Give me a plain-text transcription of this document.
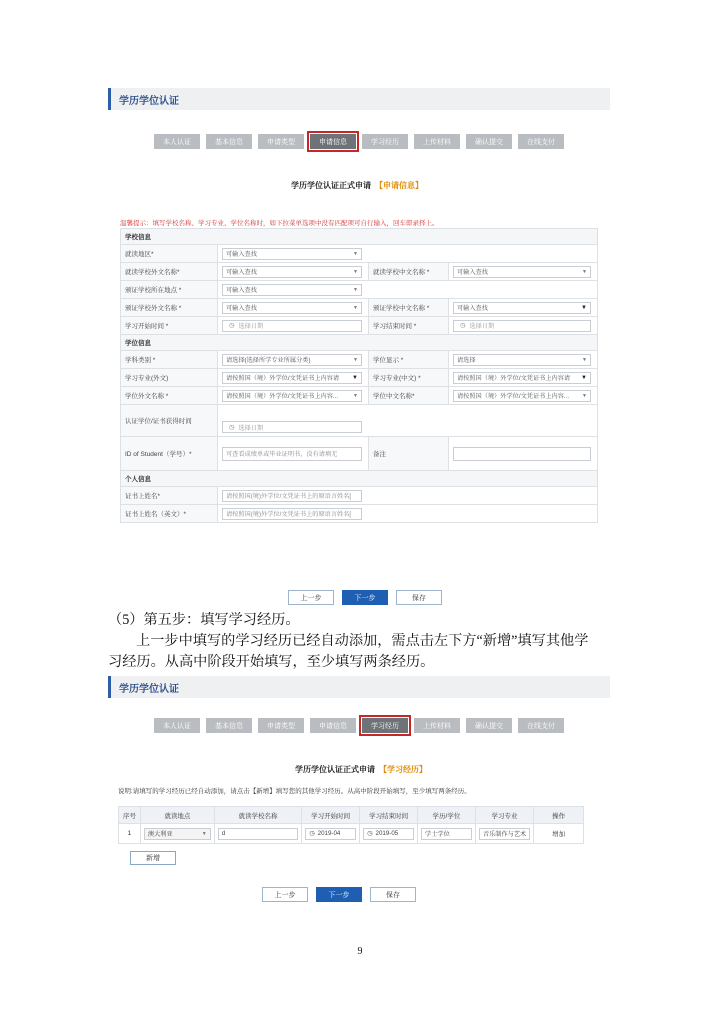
学历学位认证
本人认证	基本信息	申请类型	申请信息	学习经历	上传材料	确认提交	在线支付
学历学位认证正式申请 【申请信息】
温馨提示：填写学校名称、学习专业、学位名称时，如下拉菜单选项中没有匹配项可自行输入，回车即录择上。
学校信息			
就读地区*	可输入查找 ▼		

就读学校外文名称*	可输入查找 ▼	就读学校中文名称 *	可输入查找 ▼

颁证学校所在地点 *	可输入查找 ▼		

颁证学校外文名称 *	可输入查找 ▼	颁证学校中文名称 *	可输入查找 ▼

学习开始时间 *	◷ 选择日期	学习结束时间 *	◷ 选择日期

学位信息			
学科类别 *	请选择(选择所学专业所属分类) ▼	学位显示 *	请选择 ▼

学习专业(外文)	请按照国（境）外学位/文凭证书上内容请 ▼	学习专业(中文) *	请按照国（境）外学位/文凭证书上内容请 ▼

学位外文名称 *	请按照国（境）外学位/文凭证书上内容... ▼	学位中文名称*	请按照国（境）外学位/文凭证书上内容... ▼

认证学位/证书获得时间	◷ 选择日期		

ID of Student（学号）*	可查看成绩单或毕业证明书，没有请填无	备注	

个人信息			
证书上姓名*	请按照国(境)外学位/文凭证书上的原语言姓名[		

证书上姓名（英文）*	请按照国(境)外学位/文凭证书上的原语言姓名[		
上一步	下一步	保存
（5）第五步：填写学习经历。
上一步中填写的学习经历已经自动添加，需点击左下方“新增”填写其他学
习经历。从高中阶段开始填写，至少填写两条经历。
学历学位认证
本人认证	基本信息	申请类型	申请信息	学习经历	上传材料	确认提交	在线支付
学历学位认证正式申请 【学习经历】
说明:请填写的学习经历已经自动添加，请点击【新增】填写您的其他学习经历。从高中阶段开始填写，至少填写两条经历。
序号	就读地点	就读学校名称	学习开始时间	学习结束时间	学历/学位	学习专业	操作
1	澳大利亚 ▼	d	◷ 2019-04	◷ 2019-05	学士学位	音乐制作与艺术	增加
新增
上一步	下一步	保存
9
